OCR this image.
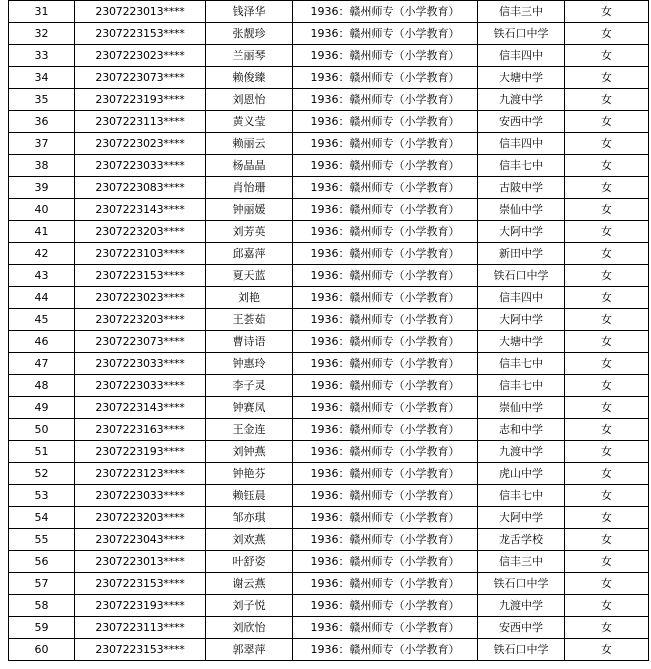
31	2307223013****	钱泽华	1936：赣州师专（小学教育）	信丰三中	女
32	2307223153****	张靓珍	1936：赣州师专（小学教育）	铁石口中学	女
33	2307223023****	兰丽琴	1936：赣州师专（小学教育）	信丰四中	女
34	2307223073****	赖俊臻	1936：赣州师专（小学教育）	大塘中学	女
35	2307223193****	刘恩怡	1936：赣州师专（小学教育）	九渡中学	女
36	2307223113****	黄义莹	1936：赣州师专（小学教育）	安西中学	女
37	2307223023****	赖丽云	1936：赣州师专（小学教育）	信丰四中	女
38	2307223033****	杨晶晶	1936：赣州师专（小学教育）	信丰七中	女
39	2307223083****	肖怡珊	1936：赣州师专（小学教育）	古陂中学	女
40	2307223143****	钟丽媛	1936：赣州师专（小学教育）	崇仙中学	女
41	2307223203****	刘芳英	1936：赣州师专（小学教育）	大阿中学	女
42	2307223103****	邱嘉萍	1936：赣州师专（小学教育）	新田中学	女
43	2307223153****	夏天蓝	1936：赣州师专（小学教育）	铁石口中学	女
44	2307223023****	刘艳	1936：赣州师专（小学教育）	信丰四中	女
45	2307223203****	王荟茹	1936：赣州师专（小学教育）	大阿中学	女
46	2307223073****	曹诗语	1936：赣州师专（小学教育）	大塘中学	女
47	2307223033****	钟惠玲	1936：赣州师专（小学教育）	信丰七中	女
48	2307223033****	李子灵	1936：赣州师专（小学教育）	信丰七中	女
49	2307223143****	钟赛凤	1936：赣州师专（小学教育）	崇仙中学	女
50	2307223163****	王金连	1936：赣州师专（小学教育）	志和中学	女
51	2307223193****	刘钟燕	1936：赣州师专（小学教育）	九渡中学	女
52	2307223123****	钟艳芬	1936：赣州师专（小学教育）	虎山中学	女
53	2307223033****	赖钰晨	1936：赣州师专（小学教育）	信丰七中	女
54	2307223203****	邹亦琪	1936：赣州师专（小学教育）	大阿中学	女
55	2307223043****	刘欢燕	1936：赣州师专（小学教育）	龙舌学校	女
56	2307223013****	叶舒姿	1936：赣州师专（小学教育）	信丰三中	女
57	2307223153****	谢云燕	1936：赣州师专（小学教育）	铁石口中学	女
58	2307223193****	刘子悦	1936：赣州师专（小学教育）	九渡中学	女
59	2307223113****	刘欣怡	1936：赣州师专（小学教育）	安西中学	女
60	2307223153****	郭翠萍	1936：赣州师专（小学教育）	铁石口中学	女
